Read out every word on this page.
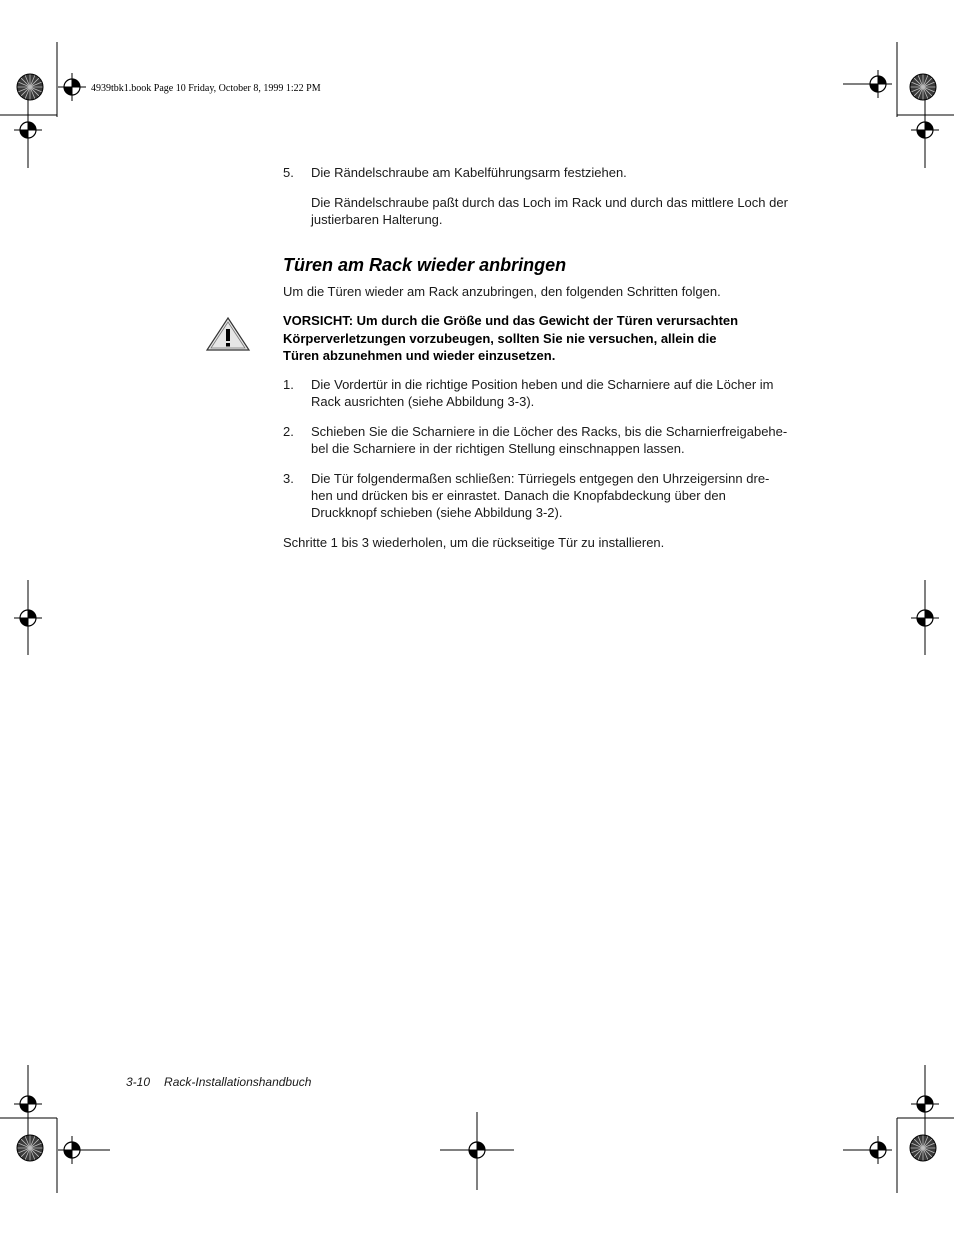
4939tbk1.book Page 10 Friday, October 8, 1999 1:22 PM
5. Die Rändelschraube am Kabelführungsarm festziehen.
Die Rändelschraube paßt durch das Loch im Rack und durch das mittlere Loch der
justierbaren Halterung.
Türen am Rack wieder anbringen
Um die Türen wieder am Rack anzubringen, den folgenden Schritten folgen.
VORSICHT: Um durch die Größe und das Gewicht der Türen verursachten
Körperverletzungen vorzubeugen, sollten Sie nie versuchen, allein die
Türen abzunehmen und wieder einzusetzen.
1. Die Vordertür in die richtige Position heben und die Scharniere auf die Löcher im
Rack ausrichten (siehe Abbildung 3-3).
2. Schieben Sie die Scharniere in die Löcher des Racks, bis die Scharnierfreigabehe-
bel die Scharniere in der richtigen Stellung einschnappen lassen.
3. Die Tür folgendermaßen schließen: Türriegels entgegen den Uhrzeigersinn dre-
hen und drücken bis er einrastet. Danach die Knopfabdeckung über den
Druckknopf schieben (siehe Abbildung 3-2).
Schritte 1 bis 3 wiederholen, um die rückseitige Tür zu installieren.
3-10 Rack-Installationshandbuch
